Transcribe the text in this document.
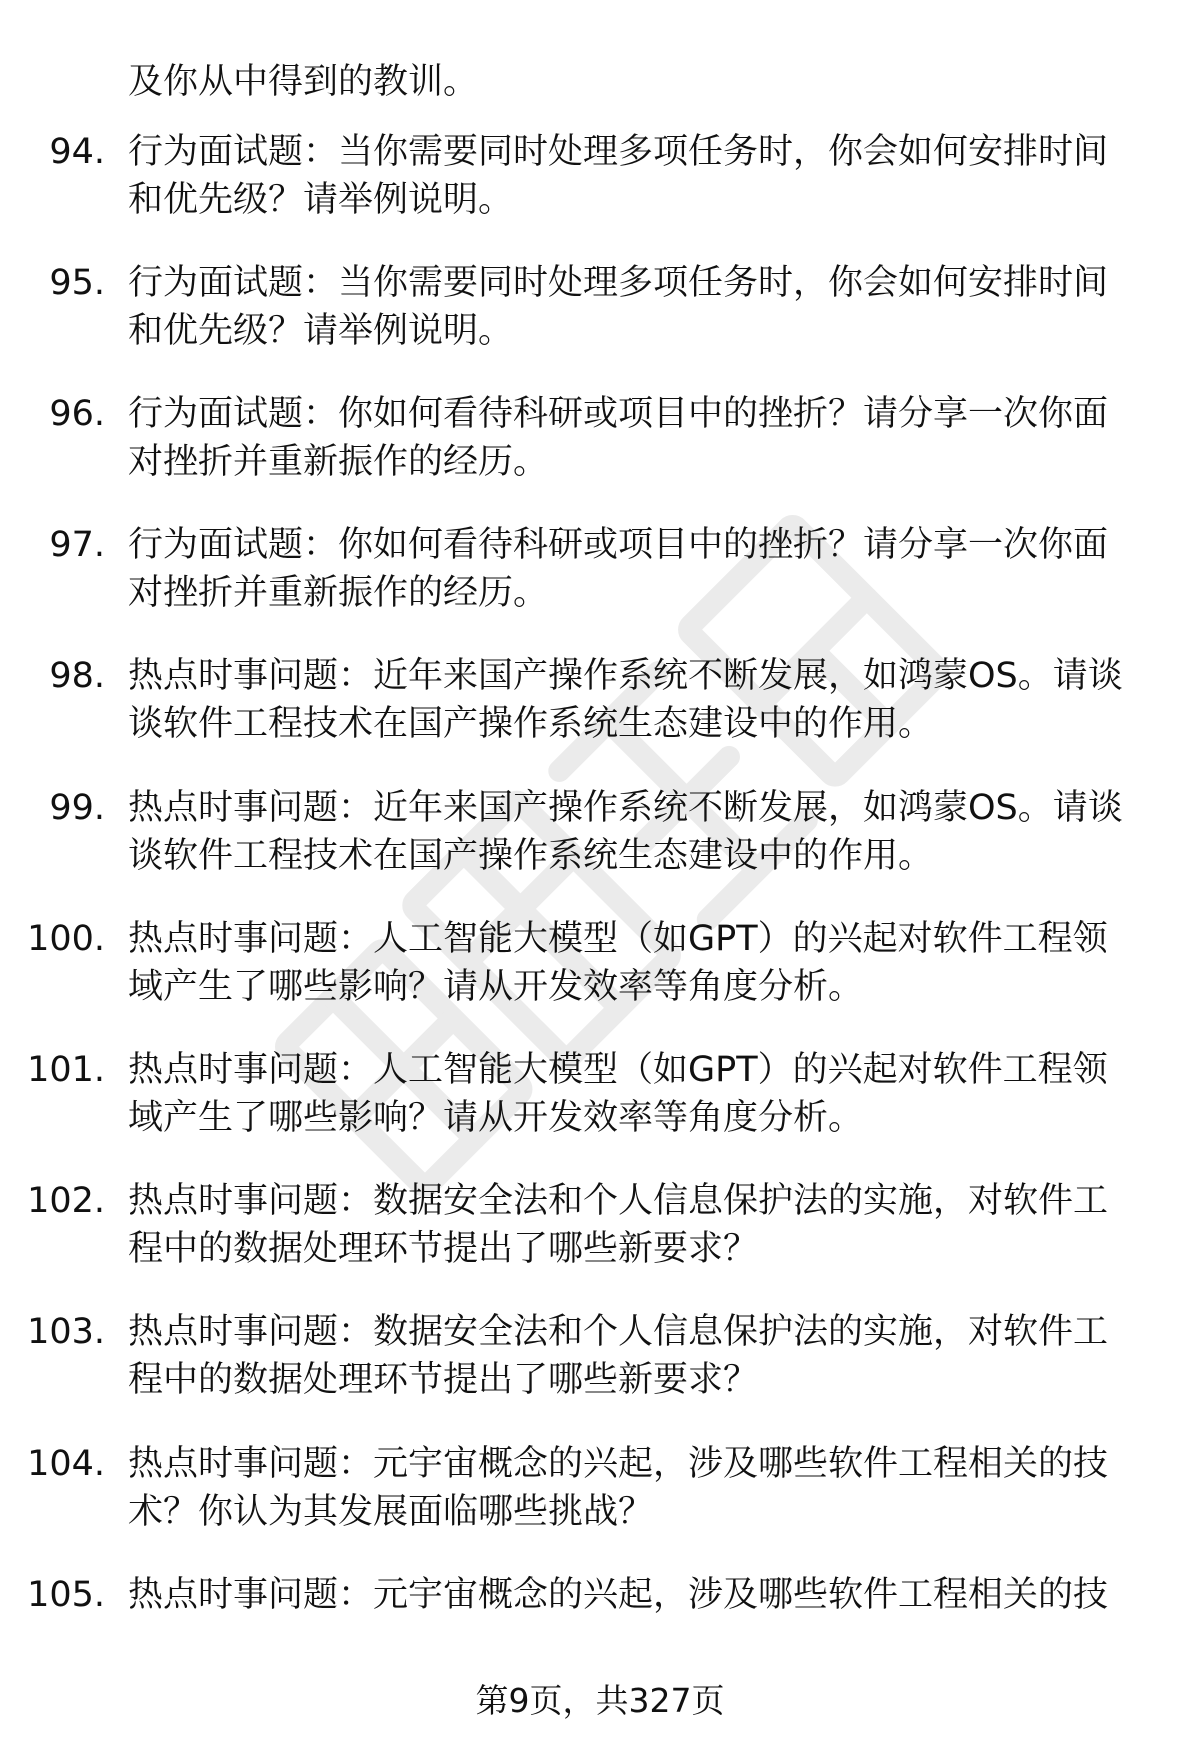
及你从中得到的教训。
94. 行为面试题：当你需要同时处理多项任务时，你会如何安排时间
和优先级？请举例说明。
95. 行为面试题：当你需要同时处理多项任务时，你会如何安排时间
和优先级？请举例说明。
96. 行为面试题：你如何看待科研或项目中的挫折？请分享一次你面
对挫折并重新振作的经历。
97. 行为面试题：你如何看待科研或项目中的挫折？请分享一次你面
对挫折并重新振作的经历。
98. 热点时事问题：近年来国产操作系统不断发展，如鸿蒙OS。请谈
谈软件工程技术在国产操作系统生态建设中的作用。
99. 热点时事问题：近年来国产操作系统不断发展，如鸿蒙OS。请谈
谈软件工程技术在国产操作系统生态建设中的作用。
100. 热点时事问题：人工智能大模型（如GPT）的兴起对软件工程领
域产生了哪些影响？请从开发效率等角度分析。
101. 热点时事问题：人工智能大模型（如GPT）的兴起对软件工程领
域产生了哪些影响？请从开发效率等角度分析。
102. 热点时事问题：数据安全法和个人信息保护法的实施，对软件工
程中的数据处理环节提出了哪些新要求？
103. 热点时事问题：数据安全法和个人信息保护法的实施，对软件工
程中的数据处理环节提出了哪些新要求？
104. 热点时事问题：元宇宙概念的兴起，涉及哪些软件工程相关的技
术？你认为其发展面临哪些挑战？
105. 热点时事问题：元宇宙概念的兴起，涉及哪些软件工程相关的技
第9页，共327页
